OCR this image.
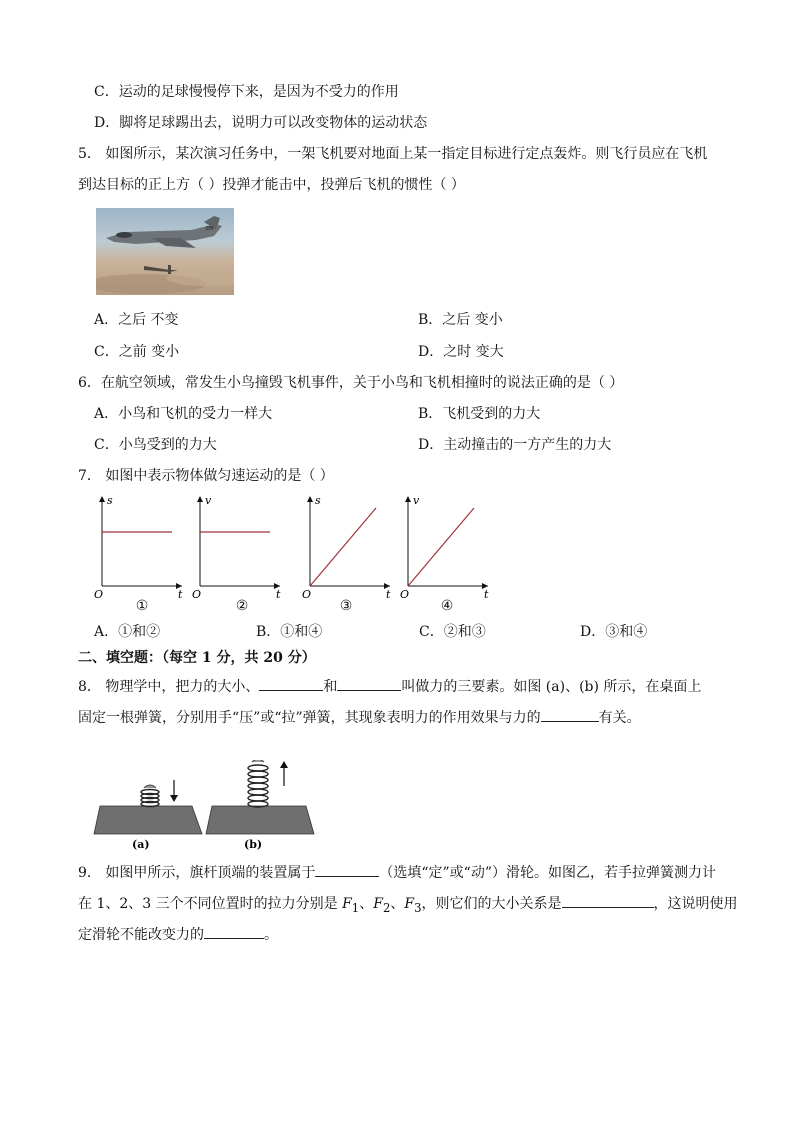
C．运动的足球慢慢停下来，是因为不受力的作用
D．脚将足球踢出去，说明力可以改变物体的运动状态
5． 如图所示，某次演习任务中，一架飞机要对地面上某一指定目标进行定点轰炸。则飞行员应在飞机
到达目标的正上方（ ）投弹才能击中，投弹后飞机的惯性（ ）
EM
A．之后 不变	B．之后 变小
C．之前 变小	D．之时 变大
6．在航空领域，常发生小鸟撞毁飞机事件，关于小鸟和飞机相撞时的说法正确的是（ ）
A．小鸟和飞机的受力一样大	B．飞机受到的力大
C．小鸟受到的力大	D．主动撞击的一方产生的力大
7． 如图中表示物体做匀速运动的是（ ）
s
t
O
v
t
O
s
t
O
v
t
O
①	②	③	④
A．①和②	B．①和④	C．②和③	D．③和④
二、填空题：（每空 1 分，共 20 分）
8． 物理学中，把力的大小、	和	叫做力的三要素。如图 (a)、(b) 所示，在桌面上
固定一根弹簧，分别用手“压”或“拉”弹簧，其现象表明力的作用效果与力的	有关。
(a)	(b)
9． 如图甲所示，旗杆顶端的装置属于	（选填“定”或“动”）滑轮。如图乙，若手拉弹簧测力计
在 1、2、3 三个不同位置时的拉力分别是 $F_1$、$F_2$、$F_3$，则它们的大小关系是	，这说明使用
定滑轮不能改变力的	。
